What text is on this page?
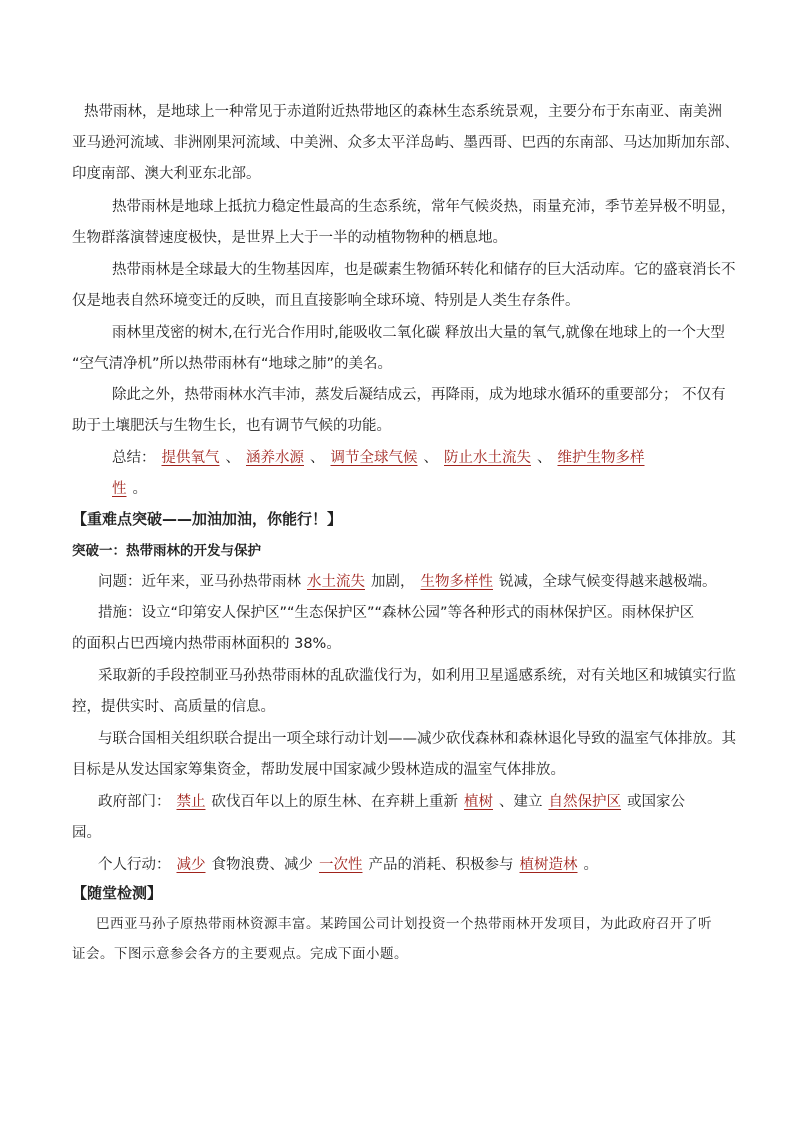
热带雨林，是地球上一种常见于赤道附近热带地区的森林生态系统景观，主要分布于东南亚、南美洲
亚马逊河流域、非洲刚果河流域、中美洲、众多太平洋岛屿、墨西哥、巴西的东南部、马达加斯加东部、
印度南部、澳大利亚东北部。
热带雨林是地球上抵抗力稳定性最高的生态系统，常年气候炎热，雨量充沛，季节差异极不明显，
生物群落演替速度极快，是世界上大于一半的动植物物种的栖息地。
热带雨林是全球最大的生物基因库，也是碳素生物循环转化和储存的巨大活动库。它的盛衰消长不
仅是地表自然环境变迁的反映，而且直接影响全球环境、特别是人类生存条件。
雨林里茂密的树木,在行光合作用时,能吸收二氧化碳 释放出大量的氧气,就像在地球上的一个大型
“空气清净机”所以热带雨林有“地球之肺”的美名。
除此之外，热带雨林水汽丰沛，蒸发后凝结成云，再降雨，成为地球水循环的重要部分； 不仅有
助于土壤肥沃与生物生长，也有调节气候的功能。
总结： 提供氧气 、 涵养水源 、 调节全球气候 、 防止水土流失 、 维护生物多样
性 。
【重难点突破——加油加油，你能行！】
突破一：热带雨林的开发与保护
问题：近年来，亚马孙热带雨林 水土流失 加剧， 生物多样性 锐减，全球气候变得越来越极端。
措施：设立“印第安人保护区”“生态保护区”“森林公园”等各种形式的雨林保护区。雨林保护区
的面积占巴西境内热带雨林面积的 38%。
采取新的手段控制亚马孙热带雨林的乱砍滥伐行为，如利用卫星遥感系统，对有关地区和城镇实行监
控，提供实时、高质量的信息。
与联合国相关组织联合提出一项全球行动计划——减少砍伐森林和森林退化导致的温室气体排放。其
目标是从发达国家筹集资金，帮助发展中国家减少毁林造成的温室气体排放。
政府部门： 禁止 砍伐百年以上的原生林、在弃耕上重新 植树 、建立 自然保护区 或国家公
园。
个人行动： 减少 食物浪费、减少 一次性 产品的消耗、积极参与 植树造林 。
【随堂检测】
巴西亚马孙子原热带雨林资源丰富。某跨国公司计划投资一个热带雨林开发项目，为此政府召开了听
证会。下图示意参会各方的主要观点。完成下面小题。
